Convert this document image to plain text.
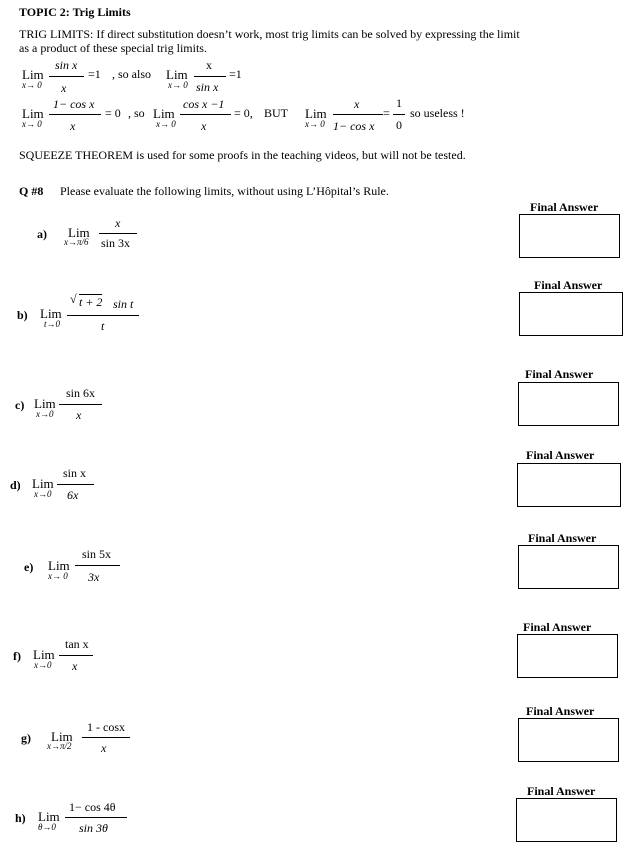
TOPIC 2: Trig Limits
TRIG LIMITS: If direct substitution doesn’t work, most trig limits can be solved by expressing the limit
as a product of these special trig limits.
Lim
x→ 0
sin x
x
=1 , so also Lim
x→ 0
x
sin x
=1
Lim
x→ 0
1− cos x
x
= 0 , so Lim
x→ 0
cos x −1
x
= 0, BUT Lim
x→ 0
x
1− cos x
=
1
0
so useless !
SQUEEZE THEOREM is used for some proofs in the teaching videos, but will not be tested.
Q #8 Please evaluate the following limits, without using L’Hôpital’s Rule.
a) Lim
x→π/6
x
sin 3x
Final Answer
b) Lim
t→0
√ t + 2 sin t
t
Final Answer
c) Lim
x→0
sin 6x
x
Final Answer
d) Lim
x→0
sin x
6x
Final Answer
e) Lim
x→ 0
sin 5x
3x
Final Answer
f) Lim
x→0
tan x
x
Final Answer
g) Lim
x→π/2
1 - cosx
x
Final Answer
h) Lim
θ→0
1− cos 4θ
sin 3θ
Final Answer
